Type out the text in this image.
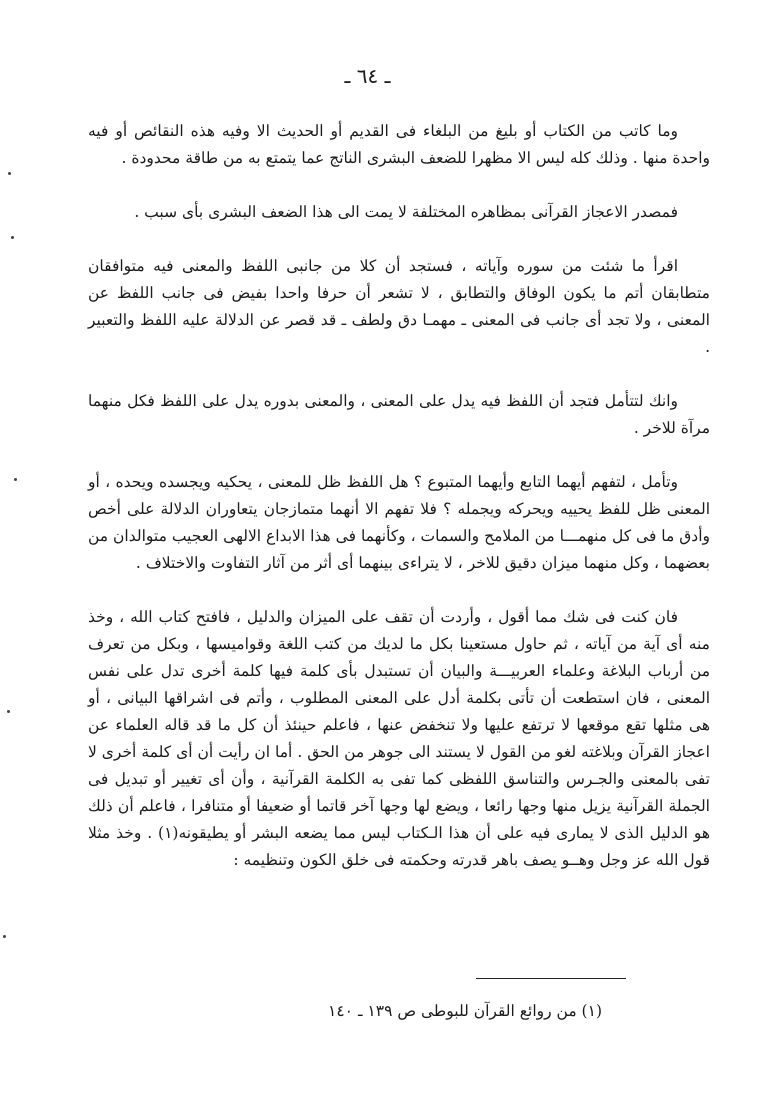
ـ ٦٤ ـ

وما كاتب من الكتاب أو بليغ من البلغاء فى القديم أو الحديث الا وفيه هذه النقائص أو فيه واحدة منها . وذلك كله ليس الا مظهرا للضعف البشرى الناتج عما يتمتع به من طاقة محدودة .

فمصدر الاعجاز القرآنى بمظاهره المختلفة لا يمت الى هذا الضعف البشرى بأى سبب .

اقرأ ما شئت من سوره وآياته ، فستجد أن كلا من جانبى اللفظ والمعنى فيه متوافقان متطابقان أتم ما يكون الوفاق والتطابق ، لا تشعر أن حرفا واحدا بفيض فى جانب اللفظ عن المعنى ، ولا تجد أى جانب فى المعنى ـ مهمـا دق ولطف ـ قد قصر عن الدلالة عليه اللفظ والتعبير .

وانك لتتأمل فتجد أن اللفظ فيه يدل على المعنى ، والمعنى بدوره يدل على اللفظ فكل منهما مرآة للاخر .

وتأمل ، لتفهم أيهما التابع وأيهما المتبوع ؟ هل اللفظ ظل للمعنى ، يحكيه ويجسده ويحده ، أو المعنى ظل للفظ يحييه ويحركه ويجمله ؟ فلا تفهم الا أنهما متمازجان يتعاوران الدلالة على أخص وأدق ما فى كل منهمـــا من الملامح والسمات ، وكأنهما فى هذا الابداع الالهى العجيب متوالدان من بعضهما ، وكل منهما ميزان دقيق للاخر ، لا يتراءى بينهما أى أثر من آثار التفاوت والاختلاف .

فان كنت فى شك مما أقول ، وأردت أن تقف على الميزان والدليل ، فافتح كتاب الله ، وخذ منه أى آية من آياته ، ثم حاول مستعينا بكل ما لديك من كتب اللغة وقواميسها ، وبكل من تعرف من أرباب البلاغة وعلماء العربيـــة والبيان أن تستبدل بأى كلمة فيها كلمة أخرى تدل على نفس المعنى ، فان استطعت أن تأتى بكلمة أدل على المعنى المطلوب ، وأتم فى اشراقها البيانى ، أو هى مثلها تقع موقعها لا ترتفع عليها ولا تنخفض عنها ، فاعلم حينئذ أن كل ما قد قاله العلماء عن اعجاز القرآن وبلاغته لغو من القول لا يستند الى جوهر من الحق . أما ان رأيت أن أى كلمة أخرى لا تفى بالمعنى والجـرس والتناسق اللفظى كما تفى به الكلمة القرآنية ، وأن أى تغيير أو تبديل فى الجملة القرآنية يزيل منها وجها رائعا ، ويضع لها وجها آخر قاتما أو ضعيفا أو متنافرا ، فاعلم أن ذلك هو الدليل الذى لا يمارى فيه على أن هذا الـكتاب ليس مما يضعه البشر أو يطيقونه(١) . وخذ مثلا قول الله عز وجل وهــو يصف باهر قدرته وحكمته فى خلق الكون وتنظيمه :

(١) من روائع القرآن للبوطى ص ١٣٩ ـ ١٤٠
